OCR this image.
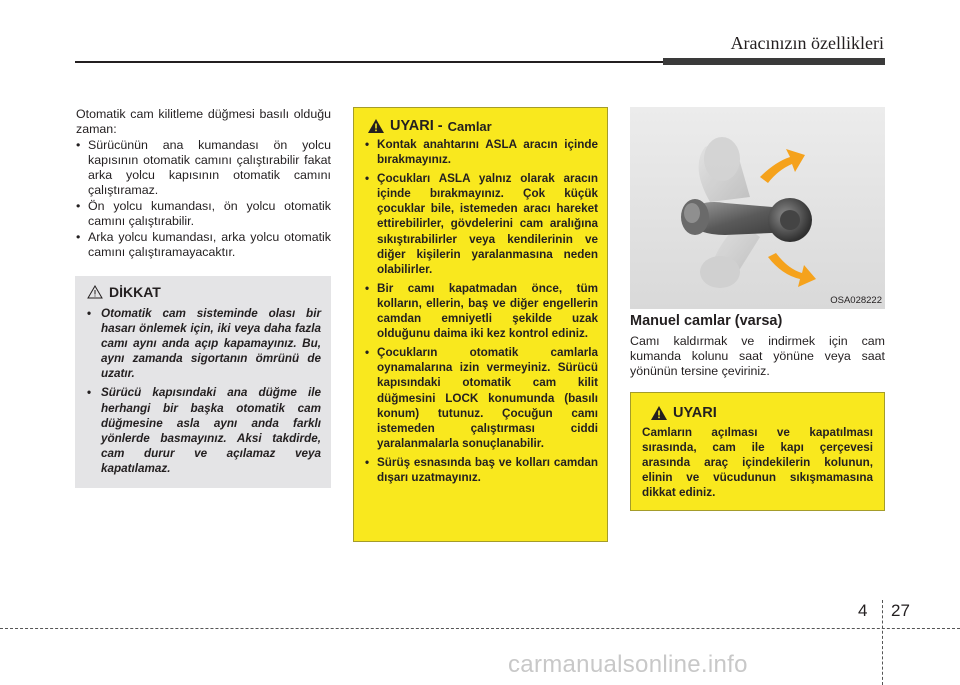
Aracınızın özellikleri

Otomatik cam kilitleme düğmesi basılı olduğu zaman:

• Sürücünün ana kumandası ön yolcu kapısının otomatik camını çalıştırabilir fakat arka yolcu kapısının otomatik camını çalıştıramaz.
• Ön yolcu kumandası, ön yolcu otomatik camını çalıştırabilir.
• Arka yolcu kumandası, arka yolcu otomatik camını çalıştıramayacaktır.
DİKKAT
• Otomatik cam sisteminde olası bir hasarı önlemek için, iki veya daha fazla camı aynı anda açıp kapamayınız. Bu, aynı zamanda sigortanın ömrünü de uzatır.
• Sürücü kapısındaki ana düğme ile herhangi bir başka otomatik cam düğmesine asla aynı anda farklı yönlerde basmayınız. Aksi takdirde, cam durur ve açılamaz veya kapatılamaz.
UYARI - Camlar
• Kontak anahtarını ASLA aracın içinde bırakmayınız.
• Çocukları ASLA yalnız olarak aracın içinde bırakmayınız. Çok küçük çocuklar bile, istemeden aracı hareket ettirebilirler, gövdelerini cam aralığına sıkıştırabilirler veya kendilerinin ve diğer kişilerin yaralanmasına neden olabilirler.
• Bir camı kapatmadan önce, tüm kolların, ellerin, baş ve diğer engellerin camdan emniyetli şekilde uzak olduğunu daima iki kez kontrol ediniz.
• Çocukların otomatik camlarla oynamalarına izin vermeyiniz. Sürücü kapısındaki otomatik cam kilit düğmesini LOCK konumunda (basılı konum) tutunuz. Çocuğun camı istemeden çalıştırması ciddi yaralanmalarla sonuçlanabilir.
• Sürüş esnasında baş ve kolları camdan dışarı uzatmayınız.
OSA028222
Manuel camlar (varsa)
Camı kaldırmak ve indirmek için cam kumanda kolunu saat yönüne veya saat yönünün tersine çeviriniz.
UYARI

Camların açılması ve kapatılması sırasında, cam ile kapı çerçevesi arasında araç içindekilerin kolunun, elinin ve vücudunun sıkışmamasına dikkat ediniz.

4 27
carmanualsonline.info
